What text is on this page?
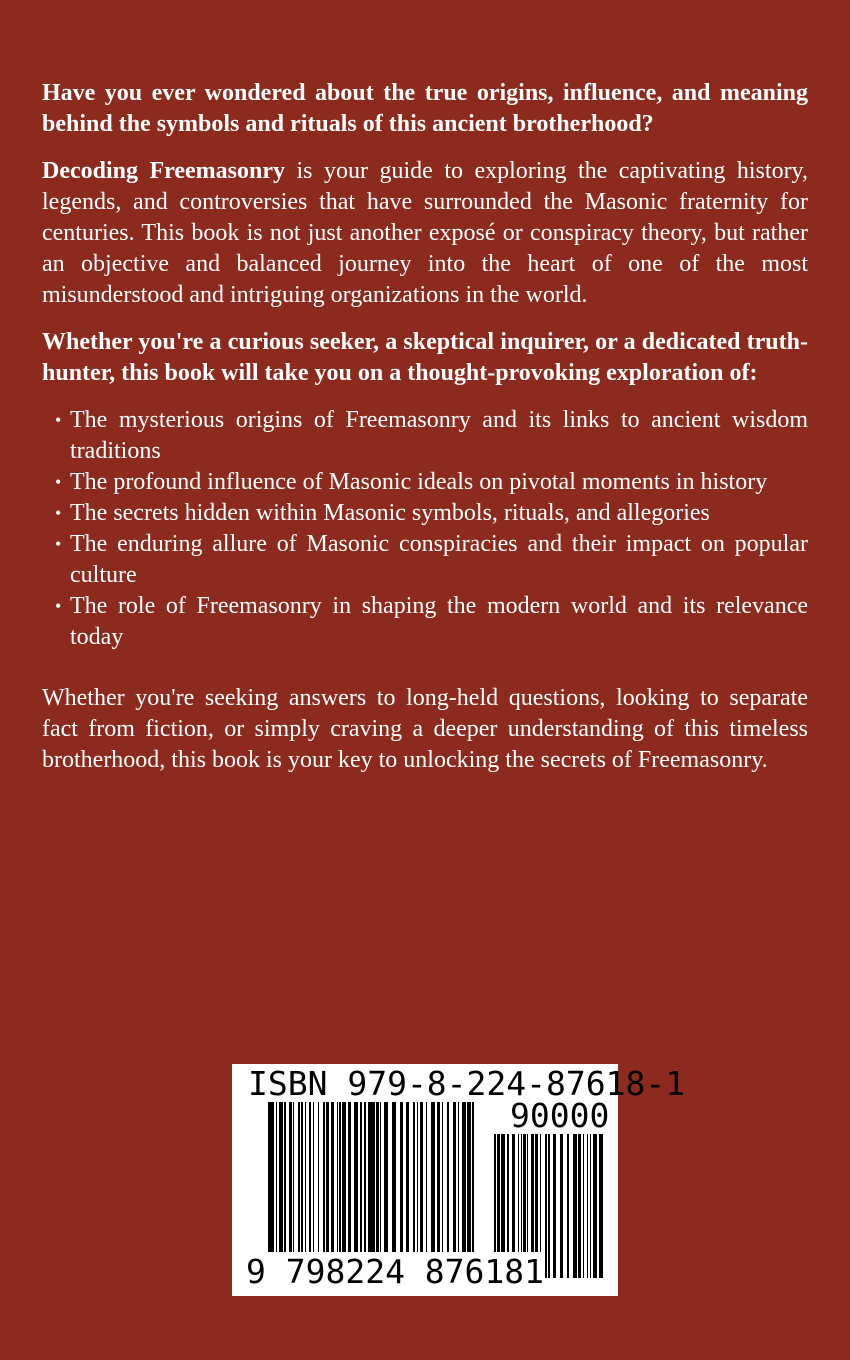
Have you ever wondered about the true origins, influence, and meaning behind the symbols and rituals of this ancient brotherhood?

Decoding Freemasonry is your guide to exploring the captivating history, legends, and controversies that have surrounded the Masonic fraternity for centuries. This book is not just another exposé or conspiracy theory, but rather an objective and balanced journey into the heart of one of the most misunderstood and intriguing organizations in the world.

Whether you're a curious seeker, a skeptical inquirer, or a dedicated truth-hunter, this book will take you on a thought-provoking exploration of:

• The mysterious origins of Freemasonry and its links to ancient wisdom traditions
• The profound influence of Masonic ideals on pivotal moments in history
• The secrets hidden within Masonic symbols, rituals, and allegories
• The enduring allure of Masonic conspiracies and their impact on popular culture
• The role of Freemasonry in shaping the modern world and its relevance today

Whether you're seeking answers to long-held questions, looking to separate fact from fiction, or simply craving a deeper understanding of this timeless brotherhood, this book is your key to unlocking the secrets of Freemasonry.

ISBN 979-8-224-87618-1
90000
9 798224 876181
